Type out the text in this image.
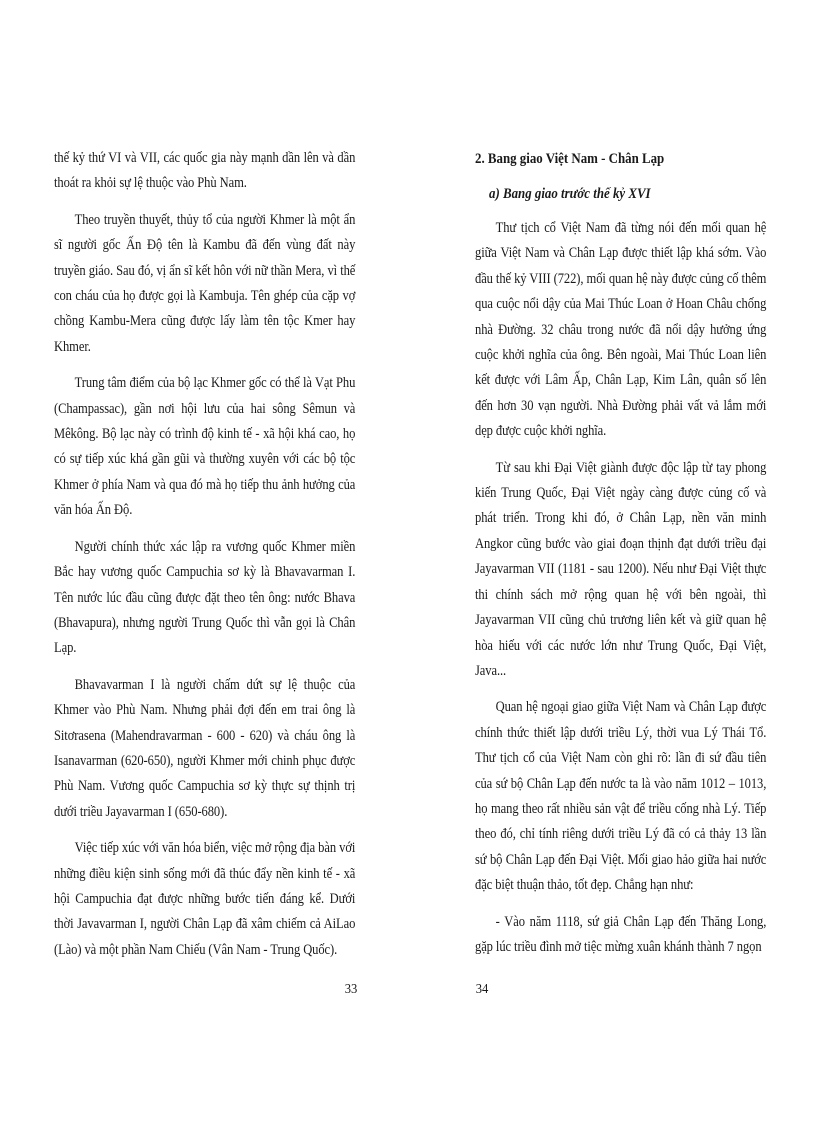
thế kỷ thứ VI và VII, các quốc gia này mạnh dần lên và dần thoát ra khỏi sự lệ thuộc vào Phù Nam.

Theo truyền thuyết, thủy tổ của người Khmer là một ẩn sĩ người gốc Ấn Độ tên là Kambu đã đến vùng đất này truyền giáo. Sau đó, vị ẩn sĩ kết hôn với nữ thần Mera, vì thế con cháu của họ được gọi là Kambuja. Tên ghép của cặp vợ chồng Kambu-Mera cũng được lấy làm tên tộc Kmer hay Khmer.

Trung tâm điểm của bộ lạc Khmer gốc có thể là Vạt Phu (Champassac), gần nơi hội lưu của hai sông Sêmun và Mêkông. Bộ lạc này có trình độ kinh tế - xã hội khá cao, họ có sự tiếp xúc khá gần gũi và thường xuyên với các bộ tộc Khmer ở phía Nam và qua đó mà họ tiếp thu ảnh hưởng của văn hóa Ấn Độ.

Người chính thức xác lập ra vương quốc Khmer miền Bắc hay vương quốc Campuchia sơ kỳ là Bhavavarman I. Tên nước lúc đầu cũng được đặt theo tên ông: nước Bhava (Bhavapura), nhưng người Trung Quốc thì vẫn gọi là Chân Lạp.

Bhavavarman I là người chấm dứt sự lệ thuộc của Khmer vào Phù Nam. Nhưng phải đợi đến em trai ông là Sitơrasena (Mahendravarman - 600 - 620) và cháu ông là Isanavarman (620-650), người Khmer mới chinh phục được Phù Nam. Vương quốc Campuchia sơ kỳ thực sự thịnh trị dưới triều Jayavarman I (650-680).

Việc tiếp xúc với văn hóa biển, việc mở rộng địa bàn với những điều kiện sinh sống mới đã thúc đẩy nền kinh tế - xã hội Campuchia đạt được những bước tiến đáng kể. Dưới thời Javavarman I, người Chân Lạp đã xâm chiếm cả AiLao (Lào) và một phần Nam Chiếu (Vân Nam - Trung Quốc).

33
2. Bang giao Việt Nam - Chân Lạp
a) Bang giao trước thế kỷ XVI

Thư tịch cổ Việt Nam đã từng nói đến mối quan hệ giữa Việt Nam và Chân Lạp được thiết lập khá sớm. Vào đầu thế kỷ VIII (722), mối quan hệ này được củng cố thêm qua cuộc nổi dậy của Mai Thúc Loan ở Hoan Châu chống nhà Đường. 32 châu trong nước đã nổi dậy hưởng ứng cuộc khởi nghĩa của ông. Bên ngoài, Mai Thúc Loan liên kết được với Lâm Ấp, Chân Lạp, Kim Lân, quân số lên đến hơn 30 vạn người. Nhà Đường phải vất vả lắm mới dẹp được cuộc khởi nghĩa.

Từ sau khi Đại Việt giành được độc lập từ tay phong kiến Trung Quốc, Đại Việt ngày càng được củng cố và phát triển. Trong khi đó, ở Chân Lạp, nền văn minh Angkor cũng bước vào giai đoạn thịnh đạt dưới triều đại Jayavarman VII (1181 - sau 1200). Nếu như Đại Việt thực thi chính sách mở rộng quan hệ với bên ngoài, thì Jayavarman VII cũng chủ trương liên kết và giữ quan hệ hòa hiếu với các nước lớn như Trung Quốc, Đại Việt, Java...

Quan hệ ngoại giao giữa Việt Nam và Chân Lạp được chính thức thiết lập dưới triều Lý, thời vua Lý Thái Tổ. Thư tịch cổ của Việt Nam còn ghi rõ: lần đi sứ đầu tiên của sứ bộ Chân Lạp đến nước ta là vào năm 1012 – 1013, họ mang theo rất nhiều sản vật để triều cống nhà Lý. Tiếp theo đó, chỉ tính riêng dưới triều Lý đã có cả thảy 13 lần sứ bộ Chân Lạp đến Đại Việt. Mối giao hảo giữa hai nước đặc biệt thuận thảo, tốt đẹp. Chẳng hạn như:

- Vào năm 1118, sứ giả Chân Lạp đến Thăng Long, gặp lúc triều đình mở tiệc mừng xuân khánh thành 7 ngọn

34
